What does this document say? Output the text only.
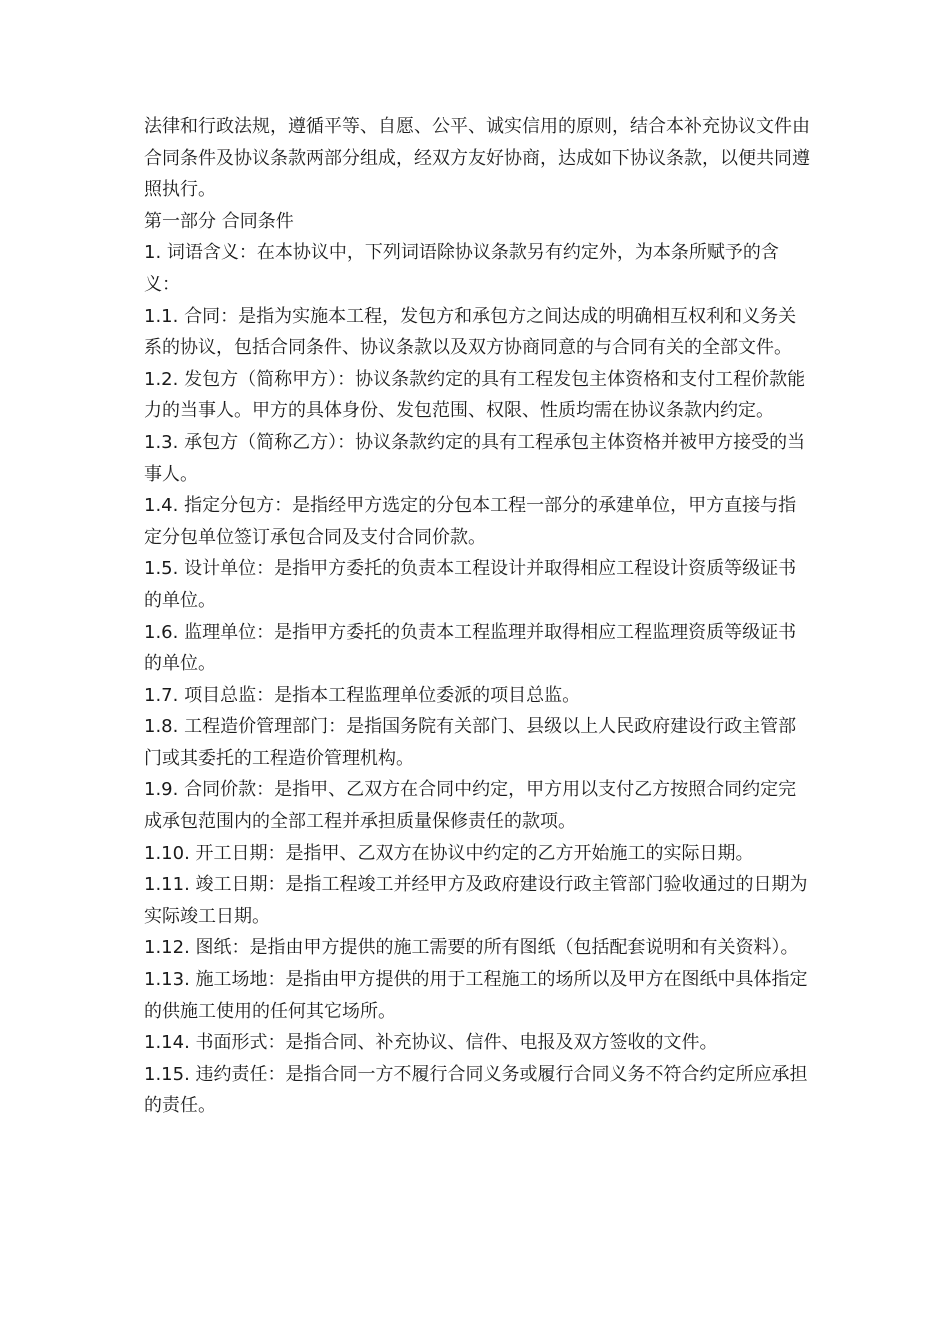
法律和行政法规，遵循平等、自愿、公平、诚实信用的原则，结合本补充协议文件由合同条件及协议条款两部分组成，经双方友好协商，达成如下协议条款，以便共同遵照执行。

第一部分 合同条件

1. 词语含义：在本协议中，下列词语除协议条款另有约定外，为本条所赋予的含义：

1.1. 合同：是指为实施本工程，发包方和承包方之间达成的明确相互权利和义务关系的协议，包括合同条件、协议条款以及双方协商同意的与合同有关的全部文件。

1.2. 发包方（简称甲方）：协议条款约定的具有工程发包主体资格和支付工程价款能力的当事人。甲方的具体身份、发包范围、权限、性质均需在协议条款内约定。

1.3. 承包方（简称乙方）：协议条款约定的具有工程承包主体资格并被甲方接受的当事人。

1.4. 指定分包方：是指经甲方选定的分包本工程一部分的承建单位，甲方直接与指定分包单位签订承包合同及支付合同价款。

1.5. 设计单位：是指甲方委托的负责本工程设计并取得相应工程设计资质等级证书的单位。

1.6. 监理单位：是指甲方委托的负责本工程监理并取得相应工程监理资质等级证书的单位。

1.7. 项目总监：是指本工程监理单位委派的项目总监。

1.8. 工程造价管理部门：是指国务院有关部门、县级以上人民政府建设行政主管部门或其委托的工程造价管理机构。

1.9. 合同价款：是指甲、乙双方在合同中约定，甲方用以支付乙方按照合同约定完成承包范围内的全部工程并承担质量保修责任的款项。

1.10. 开工日期：是指甲、乙双方在协议中约定的乙方开始施工的实际日期。

1.11. 竣工日期：是指工程竣工并经甲方及政府建设行政主管部门验收通过的日期为实际竣工日期。

1.12. 图纸：是指由甲方提供的施工需要的所有图纸（包括配套说明和有关资料）。

1.13. 施工场地：是指由甲方提供的用于工程施工的场所以及甲方在图纸中具体指定的供施工使用的任何其它场所。

1.14. 书面形式：是指合同、补充协议、信件、电报及双方签收的文件。

1.15. 违约责任：是指合同一方不履行合同义务或履行合同义务不符合约定所应承担的责任。
